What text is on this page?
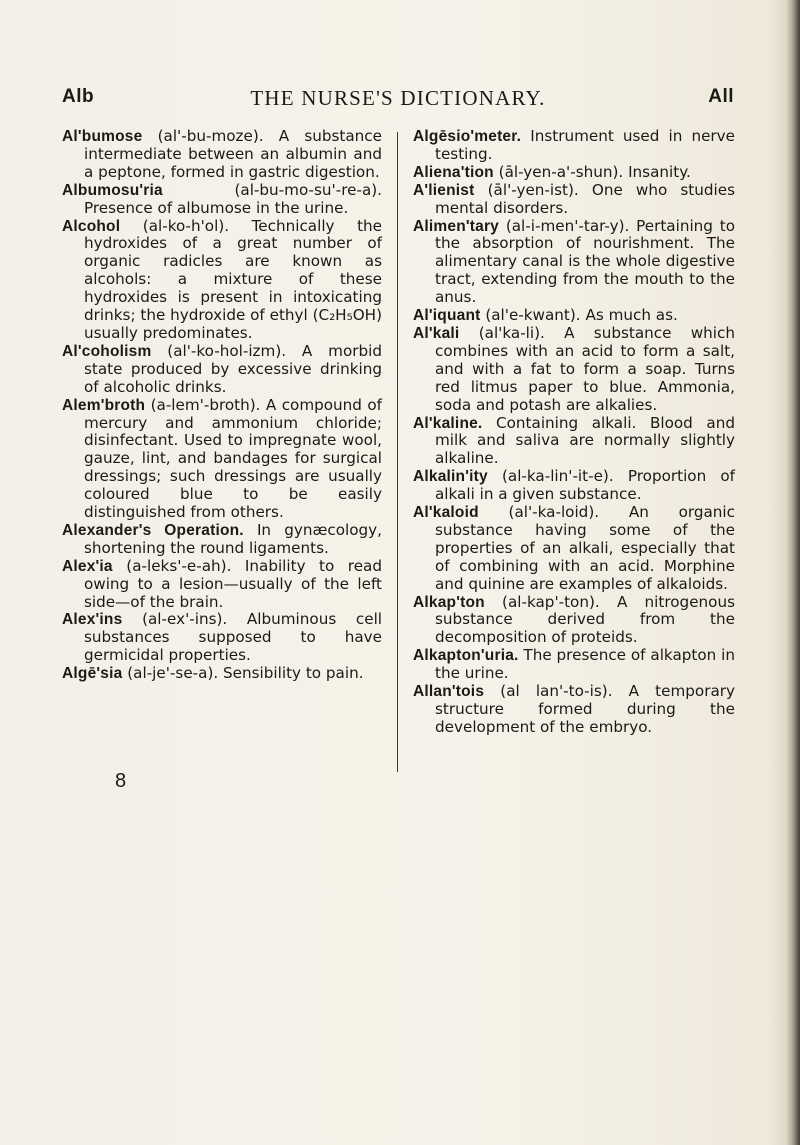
THE NURSE'S DICTIONARY.
Alb	All

Al'bumose (al'-bu-moze). A substance intermediate between an albumin and a peptone, formed in gastric digestion.

Albumosu'ria	(al-bu-mo-su'-re-a). Presence of albumose in the urine.

Alcohol (al-ko-h'ol). Technically the hydroxides of a great number of organic radicles are known as alcohols: a mixture of these hydroxides is present in intoxicating drinks; the hydroxide of ethyl (C₂H₅OH) usually predominates.

Al'coholism (al'-ko-hol-izm). A morbid state produced by excessive drinking of alcoholic drinks.

Alem'broth (a-lem'-broth). A compound of mercury and ammonium chloride; disinfectant. Used to impregnate wool, gauze, lint, and bandages for surgical dressings; such dressings are usually coloured blue to be easily distinguished from others.

Alexander's Operation. In gynæcology, shortening the round ligaments.

Alex'ia (a-leks'-e-ah). Inability to read owing to a lesion—usually of the left side—of the brain.

Alex'ins (al-ex'-ins). Albuminous cell substances supposed to have germicidal properties.

Algē'sia (al-je'-se-a). Sensibility to pain.

Algēsio'meter. Instrument used in nerve testing.

Aliena'tion (āl-yen-a'-shun). Insanity.

A'lienist (āl'-yen-ist). One who studies mental disorders.

Alimen'tary (al-i-men'-tar-y). Pertaining to the absorption of nourishment. The alimentary canal is the whole digestive tract, extending from the mouth to the anus.

Al'iquant (al'e-kwant). As much as.

Al'kali (al'ka-li). A substance which combines with an acid to form a salt, and with a fat to form a soap. Turns red litmus paper to blue. Ammonia, soda and potash are alkalies.

Al'kaline. Containing alkali. Blood and milk and saliva are normally slightly alkaline.

Alkalin'ity (al-ka-lin'-it-e). Proportion of alkali in a given substance.

Al'kaloid (al'-ka-loid). An organic substance having some of the properties of an alkali, especially that of combining with an acid. Morphine and quinine are examples of alkaloids.

Alkap'ton (al-kap'-ton). A nitrogenous substance derived from the decomposition of proteids.

Alkapton'uria. The presence of alkapton in the urine.

Allan'tois (al lan'-to-is). A temporary structure formed during the development of the embryo.

8
